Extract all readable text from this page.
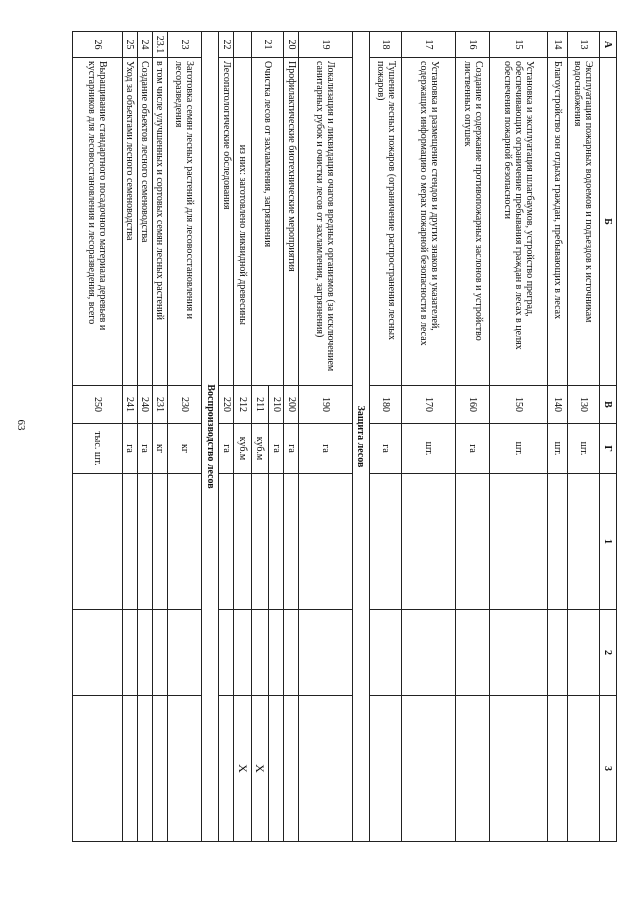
63
А	Б	В	Г	1	2	3
13	Эксплуатация пожарных водоемов и подъездов к источникам водоснабжения	130	шт.			
14	Благоустройство зон отдыха граждан, пребывающих в лесах	140	шт.			
15	Установка и эксплуатация шлагбаумов, устройство преград, обеспечивающих ограничение пребывания граждан в лесах в целях обеспечения пожарной безопасности	150	шт.			
16	Создание и содержание противопожарных заслонов и устройство лиственных опушек	160	га			
17	Установка и размещение стендов и других знаков и указателей, содержащих информацию о мерах пожарной безопасности в лесах	170	шт.			
18	Тушение лесных пожаров (ограничение распространения лесных пожаров)	180	га			
Защита лесов						
19	Локализация и ликвидация очагов вредных организмов (за исключением санитарных рубок и очистки лесов от захламления, загрязнения)	190	га			
20	Профилактические биотехнические мероприятия	200	га			
21	Очистка лесов от захламления, загрязнения	210	га			
		211	куб.м			X
	из них: заготовлено ликвидной древесины	212	куб.м			X
22	Лесопатологические обследования	220	га			
Воспроизводство лесов						
23	Заготовка семян лесных растений для лесовосстановления и лесоразведения	230	кг			
23.1	в том числе улучшенных и сортовых семян лесных растений	231	кг			
24	Создание объектов лесного семеноводства	240	га			
25	Уход за объектами лесного семеноводства	241	га			
26	Выращивание стандартного посадочного материала деревьев и кустарников для лесовосстановления и лесоразведения, всего	250	тыс. шт.			
